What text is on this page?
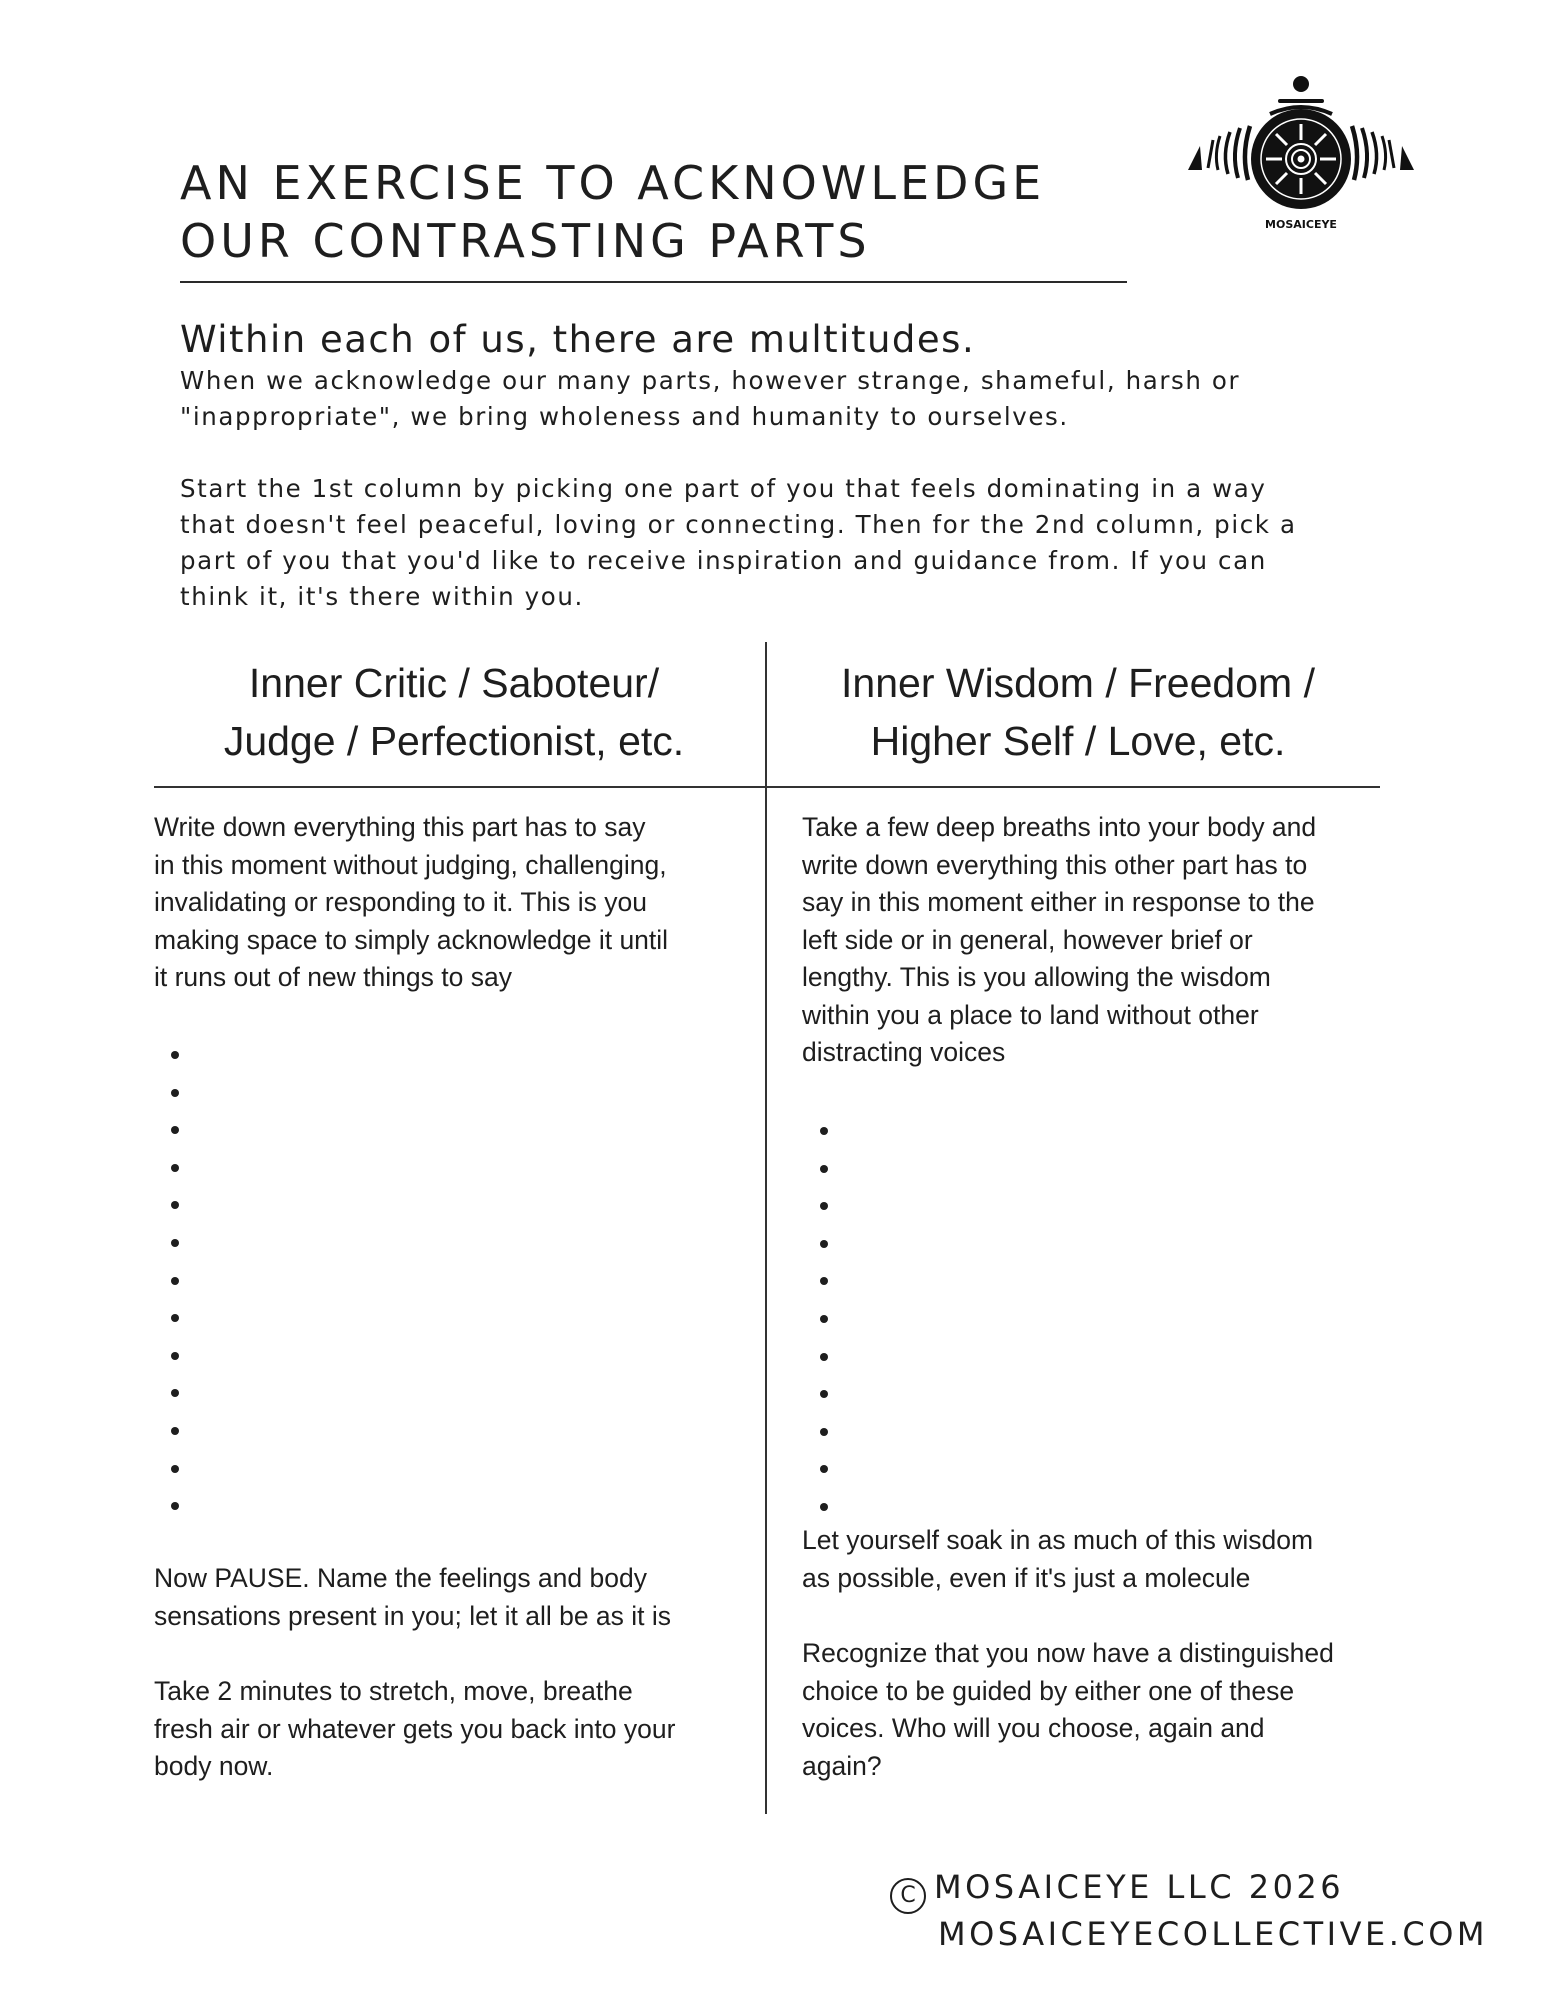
AN EXERCISE TO ACKNOWLEDGE
OUR CONTRASTING PARTS	MOSAICEYE
Within each of us, there are multitudes.

When we acknowledge our many parts, however strange, shameful, harsh or

"inappropriate", we bring wholeness and humanity to ourselves.

Start the 1st column by picking one part of you that feels dominating in a way

that doesn't feel peaceful, loving or connecting. Then for the 2nd column, pick a

part of you that you'd like to receive inspiration and guidance from. If you can

think it, it's there within you.

Inner Critic / Saboteur/
Judge / Perfectionist, etc.
Inner Wisdom / Freedom /
Higher Self / Love, etc.
Write down everything this part has to say
in this moment without judging, challenging,
invalidating or responding to it. This is you
making space to simply acknowledge it until
it runs out of new things to say
Now PAUSE. Name the feelings and body
sensations present in you; let it all be as it is
Take 2 minutes to stretch, move, breathe
fresh air or whatever gets you back into your
body now.
Take a few deep breaths into your body and
write down everything this other part has to
say in this moment either in response to the
left side or in general, however brief or
lengthy. This is you allowing the wisdom
within you a place to land without other
distracting voices
Let yourself soak in as much of this wisdom
as possible, even if it's just a molecule
Recognize that you now have a distinguished
choice to be guided by either one of these
voices. Who will you choose, again and
again?
C MOSAICEYE LLC 2026
MOSAICEYECOLLECTIVE.COM
